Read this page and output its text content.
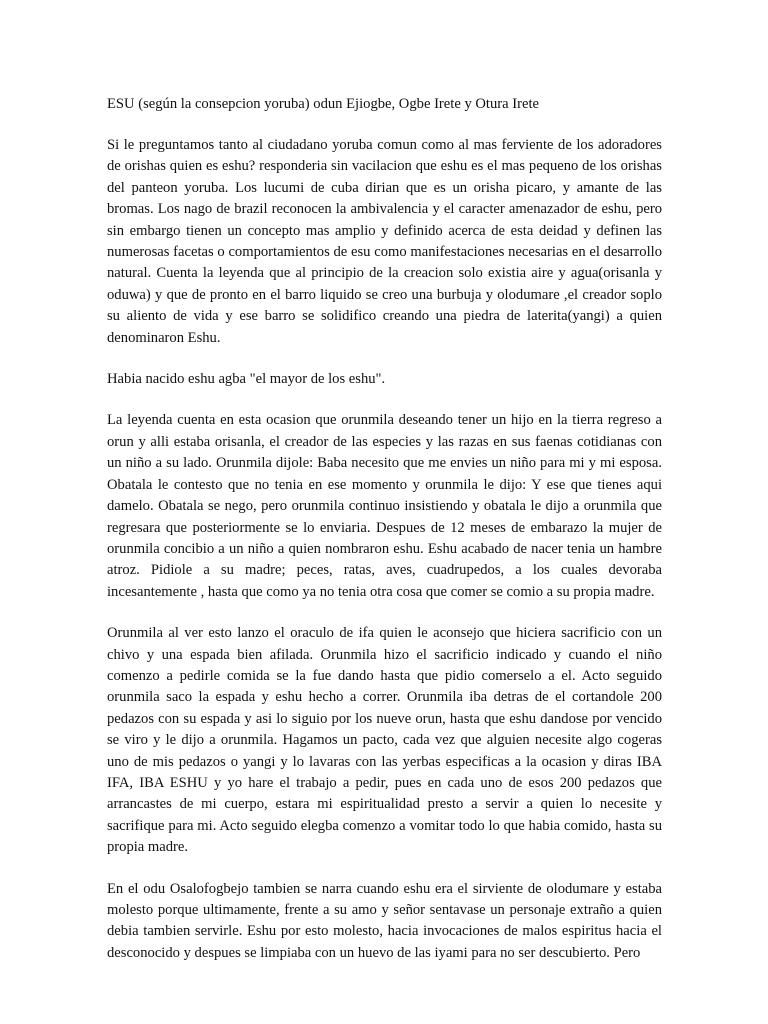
ESU (según la consepcion yoruba) odun Ejiogbe, Ogbe Irete y Otura Irete

Si le preguntamos tanto al ciudadano yoruba comun como al mas ferviente de los adoradores de orishas quien es eshu? responderia sin vacilacion que eshu es el mas pequeno de los orishas del panteon yoruba. Los lucumi de cuba dirian que es un orisha picaro, y amante de las bromas. Los nago de brazil reconocen la ambivalencia y el caracter amenazador de eshu, pero sin embargo tienen un concepto mas amplio y definido acerca de esta deidad y definen las numerosas facetas o comportamientos de esu como manifestaciones necesarias en el desarrollo natural. Cuenta la leyenda que al principio de la creacion solo existia aire y agua(orisanla y oduwa) y que de pronto en el barro liquido se creo una burbuja y olodumare ,el creador soplo su aliento de vida y ese barro se solidifico creando una piedra de laterita(yangi) a quien denominaron Eshu.

Habia nacido eshu agba "el mayor de los eshu".

La leyenda cuenta en esta ocasion que orunmila deseando tener un hijo en la tierra regreso a orun y alli estaba orisanla, el creador de las especies y las razas en sus faenas cotidianas con un niño a su lado. Orunmila dijole: Baba necesito que me envies un niño para mi y mi esposa. Obatala le contesto que no tenia en ese momento y orunmila le dijo: Y ese que tienes aqui damelo. Obatala se nego, pero orunmila continuo insistiendo y obatala le dijo a orunmila que regresara que posteriormente se lo enviaria. Despues de 12 meses de embarazo la mujer de orunmila concibio a un niño a quien nombraron eshu. Eshu acabado de nacer tenia un hambre atroz. Pidiole a su madre; peces, ratas, aves, cuadrupedos, a los cuales devoraba incesantemente , hasta que como ya no tenia otra cosa que comer se comio a su propia madre.

Orunmila al ver esto lanzo el oraculo de ifa quien le aconsejo que hiciera sacrificio con un chivo y una espada bien afilada. Orunmila hizo el sacrificio indicado y cuando el niño comenzo a pedirle comida se la fue dando hasta que pidio comerselo a el. Acto seguido orunmila saco la espada y eshu hecho a correr. Orunmila iba detras de el cortandole 200 pedazos con su espada y asi lo siguio por los nueve orun, hasta que eshu dandose por vencido se viro y le dijo a orunmila. Hagamos un pacto, cada vez que alguien necesite algo cogeras uno de mis pedazos o yangi y lo lavaras con las yerbas especificas a la ocasion y diras IBA IFA, IBA ESHU y yo hare el trabajo a pedir, pues en cada uno de esos 200 pedazos que arrancastes de mi cuerpo, estara mi espiritualidad presto a servir a quien lo necesite y sacrifique para mi. Acto seguido elegba comenzo a vomitar todo lo que habia comido, hasta su propia madre.

En el odu Osalofogbejo tambien se narra cuando eshu era el sirviente de olodumare y estaba molesto porque ultimamente, frente a su amo y señor sentavase un personaje extraño a quien debia tambien servirle. Eshu por esto molesto, hacia invocaciones de malos espiritus hacia el desconocido y despues se limpiaba con un huevo de las iyami para no ser descubierto. Pero
